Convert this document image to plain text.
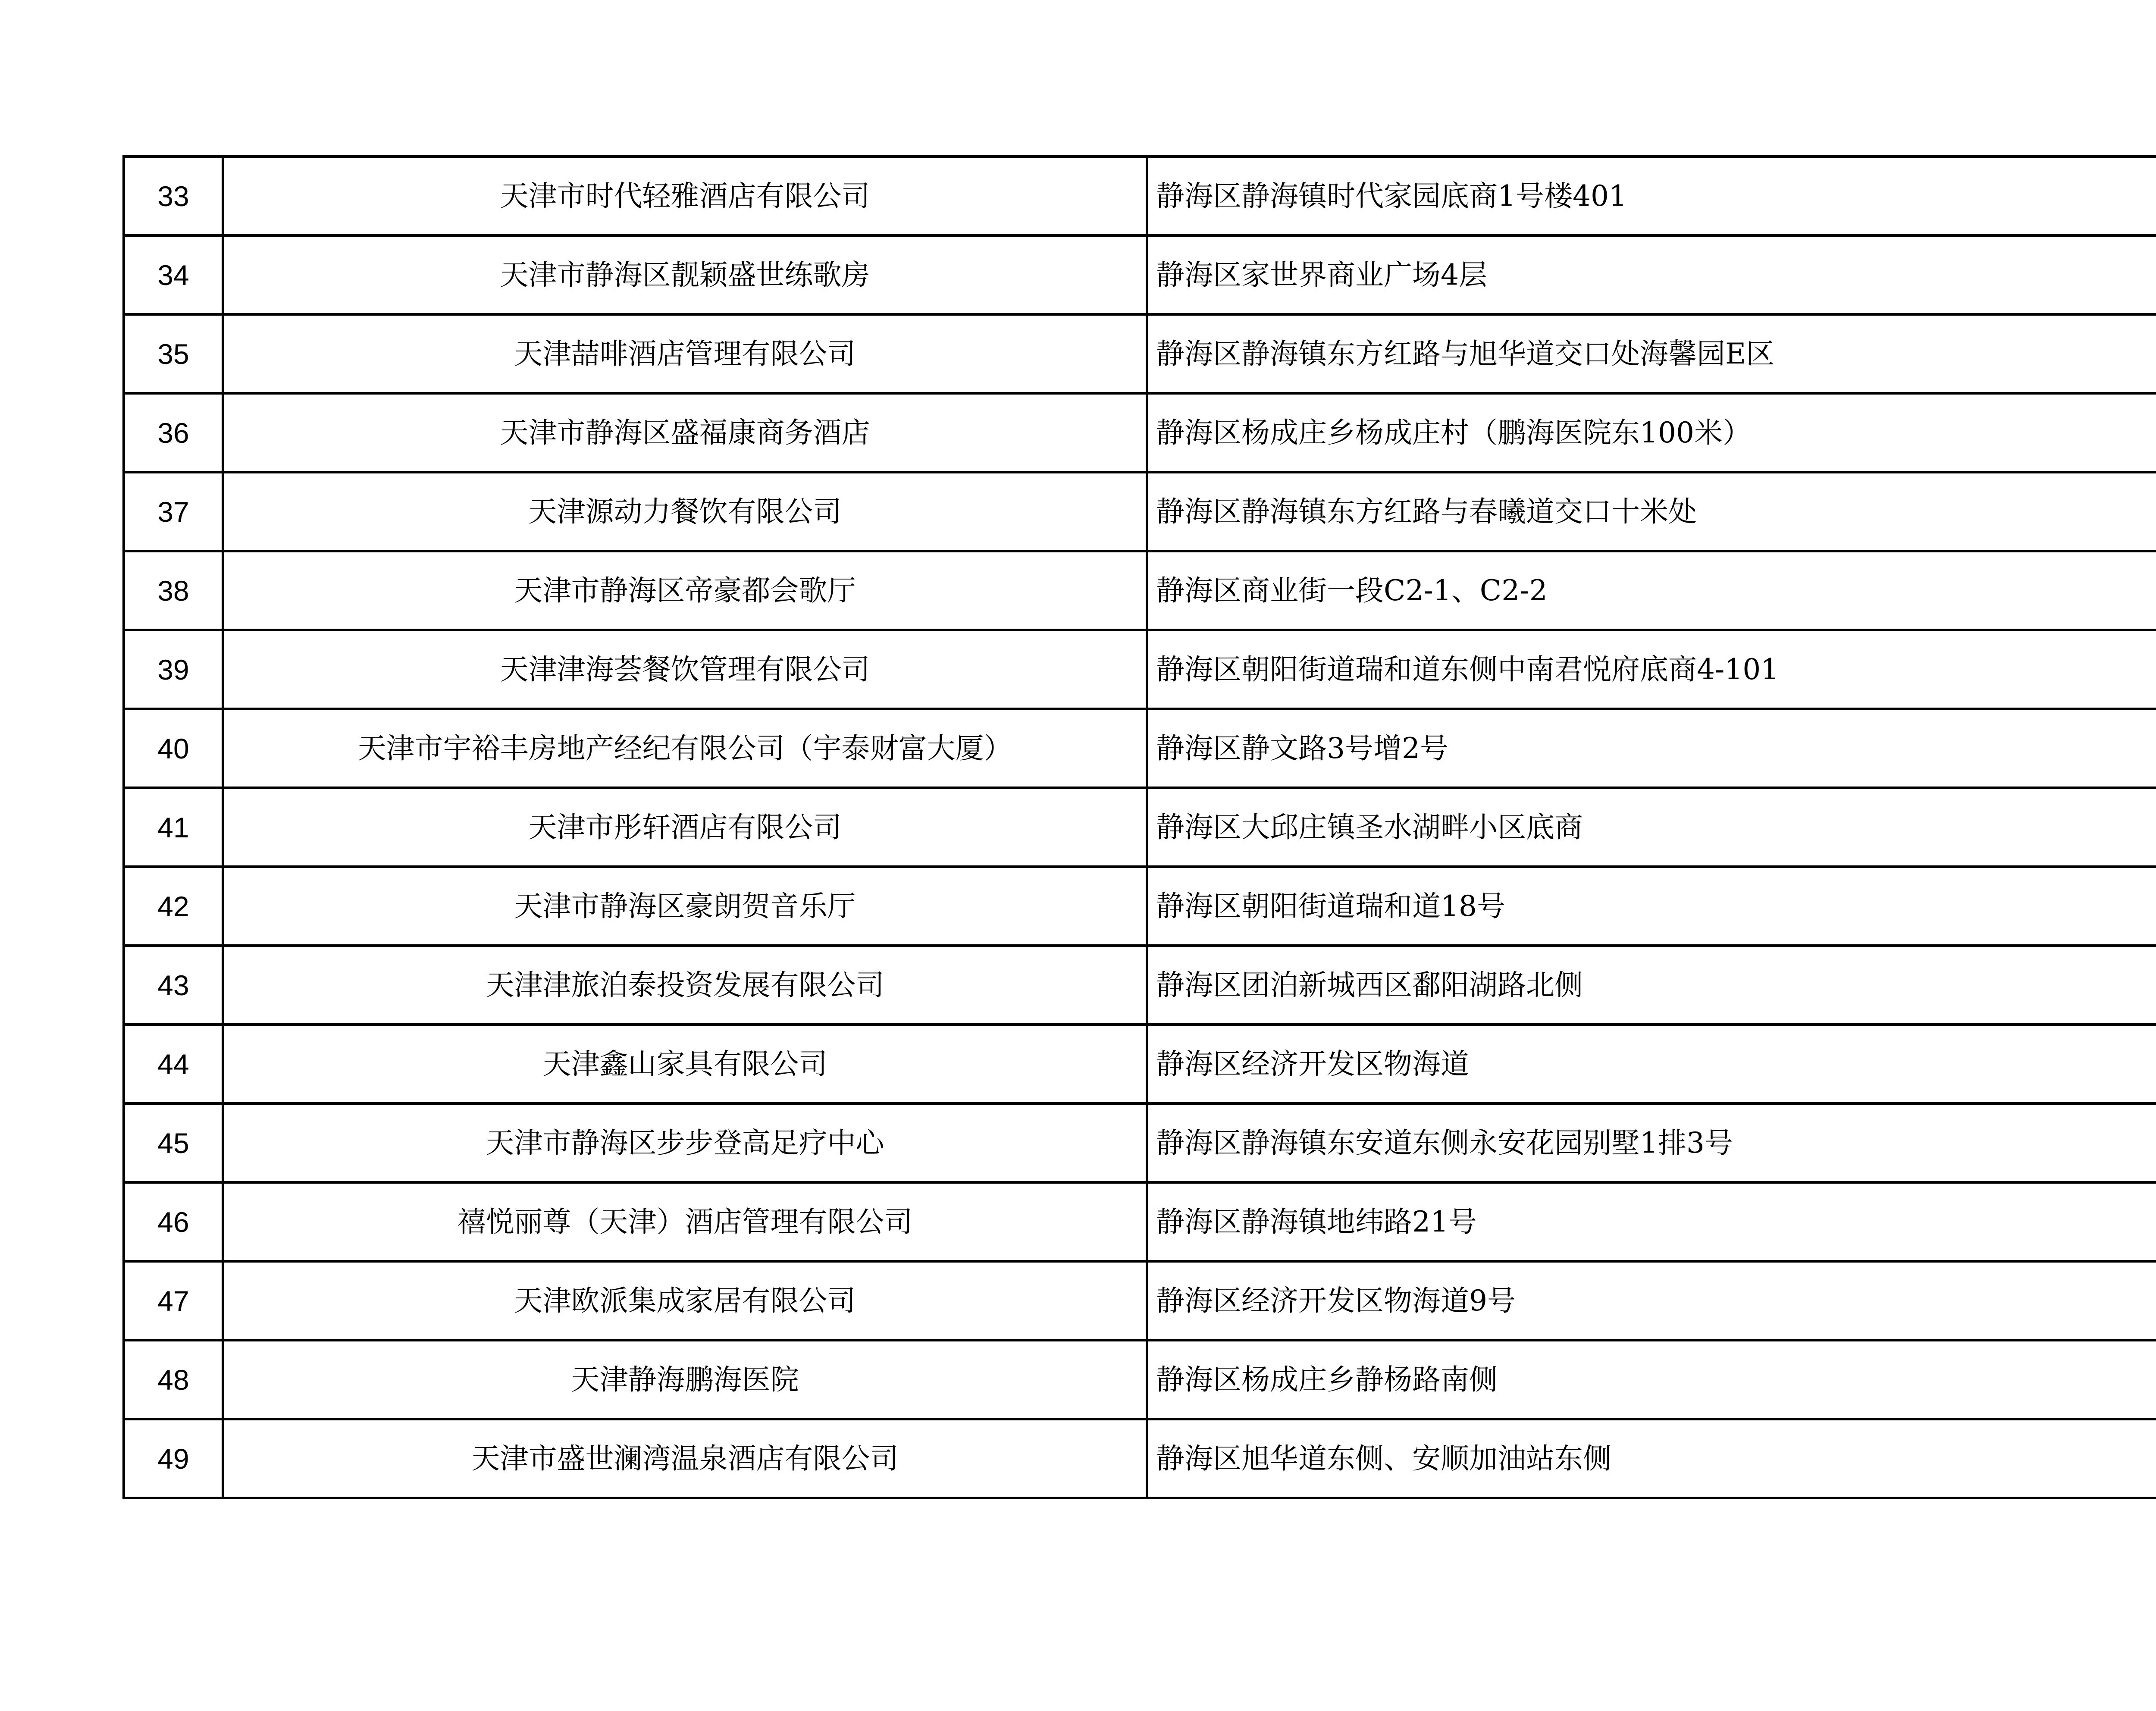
33	天津市时代轻雅酒店有限公司	静海区静海镇时代家园底商1号楼401	
34	天津市静海区靓颖盛世练歌房	静海区家世界商业广场4层	
35	天津喆啡酒店管理有限公司	静海区静海镇东方红路与旭华道交口处海馨园E区	
36	天津市静海区盛福康商务酒店	静海区杨成庄乡杨成庄村（鹏海医院东100米）	
37	天津源动力餐饮有限公司	静海区静海镇东方红路与春曦道交口十米处	
38	天津市静海区帝豪都会歌厅	静海区商业街一段C2-1、C2-2	
39	天津津海荟餐饮管理有限公司	静海区朝阳街道瑞和道东侧中南君悦府底商4-101	
40	天津市宇裕丰房地产经纪有限公司（宇泰财富大厦）	静海区静文路3号增2号	
41	天津市彤轩酒店有限公司	静海区大邱庄镇圣水湖畔小区底商	
42	天津市静海区豪朗贺音乐厅	静海区朝阳街道瑞和道18号	
43	天津津旅泊泰投资发展有限公司	静海区团泊新城西区鄱阳湖路北侧	
44	天津鑫山家具有限公司	静海区经济开发区物海道	
45	天津市静海区步步登高足疗中心	静海区静海镇东安道东侧永安花园别墅1排3号	
46	禧悦丽尊（天津）酒店管理有限公司	静海区静海镇地纬路21号	
47	天津欧派集成家居有限公司	静海区经济开发区物海道9号	
48	天津静海鹏海医院	静海区杨成庄乡静杨路南侧	
49	天津市盛世澜湾温泉酒店有限公司	静海区旭华道东侧、安顺加油站东侧	
